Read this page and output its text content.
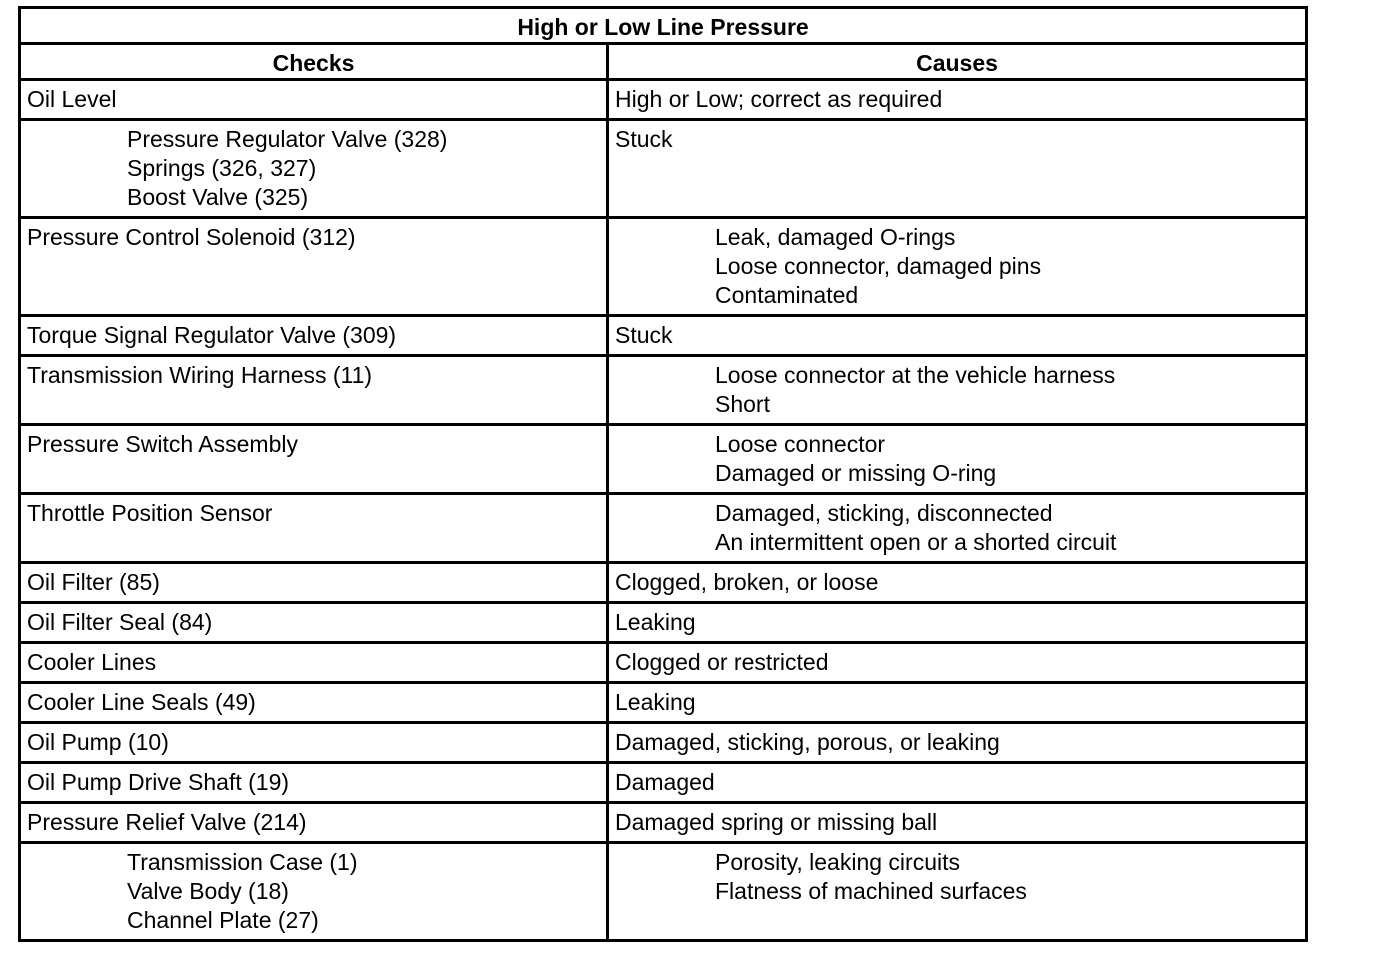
High or Low Line Pressure	
Checks	Causes

Oil Level	High or Low; correct as required

Pressure Regulator Valve (328)
Springs (326, 327)
Boost Valve (325)	Stuck

Pressure Control Solenoid (312)	Leak, damaged O-rings
Loose connector, damaged pins
Contaminated

Torque Signal Regulator Valve (309)	Stuck

Transmission Wiring Harness (11)	Loose connector at the vehicle harness
Short

Pressure Switch Assembly	Loose connector
Damaged or missing O-ring

Throttle Position Sensor	Damaged, sticking, disconnected
An intermittent open or a shorted circuit

Oil Filter (85)	Clogged, broken, or loose

Oil Filter Seal (84)	Leaking

Cooler Lines	Clogged or restricted

Cooler Line Seals (49)	Leaking

Oil Pump (10)	Damaged, sticking, porous, or leaking

Oil Pump Drive Shaft (19)	Damaged

Pressure Relief Valve (214)	Damaged spring or missing ball

Transmission Case (1)
Valve Body (18)
Channel Plate (27)	Porosity, leaking circuits
Flatness of machined surfaces
